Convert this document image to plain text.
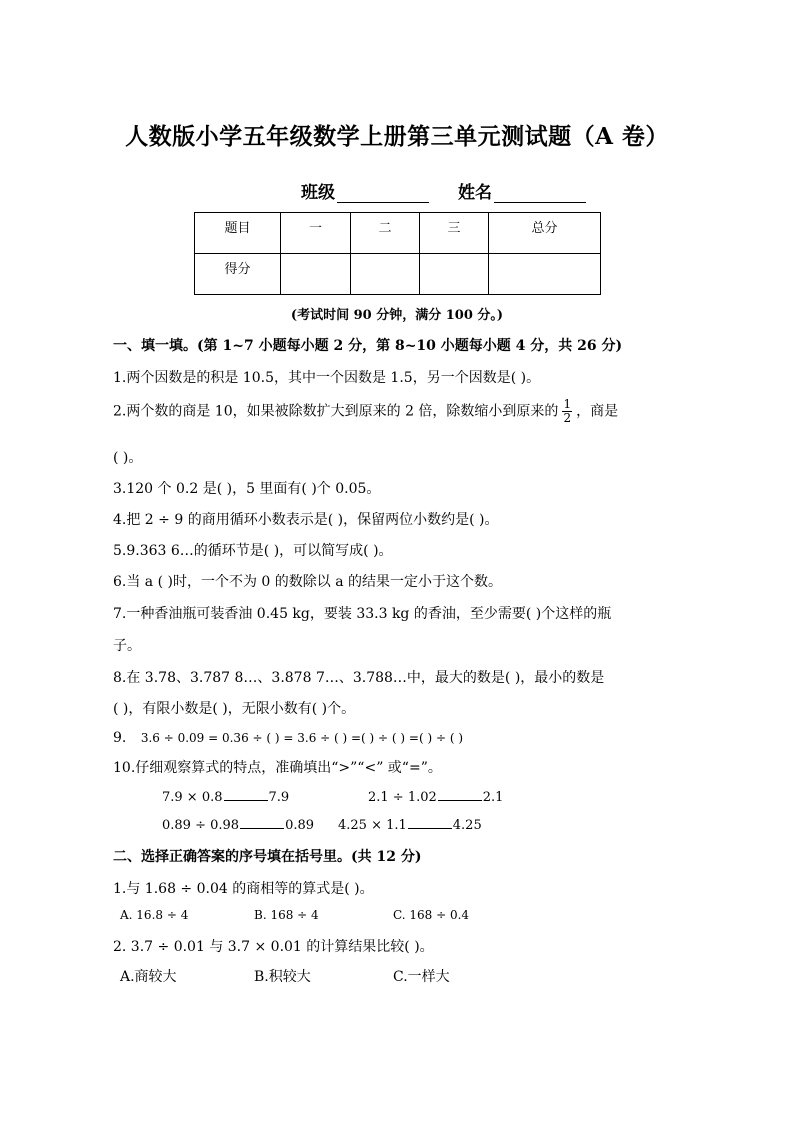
人数版小学五年级数学上册第三单元测试题（A 卷）
班级	姓名
题目	一	二	三	总分
得分				
(考试时间 90 分钟，满分 100 分。)
一、填一填。(第 1~7 小题每小题 2 分，第 8~10 小题每小题 4 分，共 26 分)
1.两个因数是的积是 10.5，其中一个因数是 1.5，另一个因数是( )。
2.两个数的商是 10，如果被除数扩大到原来的 2 倍，除数缩小到原来的 $\frac{1}{2}$ ，商是
( )。
3.120 个 0.2 是( )，5 里面有( )个 0.05。
4.把 2 ÷ 9 的商用循环小数表示是( )，保留两位小数约是( )。
5.9.363 6…的循环节是( )，可以简写成( )。
6.当 a ( )时，一个不为 0 的数除以 a 的结果一定小于这个数。
7.一种香油瓶可装香油 0.45 kg，要装 33.3 kg 的香油，至少需要( )个这样的瓶
子。
8.在 3.78、3.787 8…、3.878 7…、3.788…中，最大的数是( )，最小的数是
( )，有限小数是( )，无限小数有( )个。
9. 3.6 ÷ 0.09 = 0.36 ÷ ( ) = 3.6 ÷ ( ) =( ) ÷ ( ) =( ) ÷ ( )
10.仔细观察算式的特点，准确填出“>”“<” 或“=”。
7.9 × 0.8	7.9	2.1 ÷ 1.02	2.1
0.89 ÷ 0.98	0.89 4.25 × 1.1	4.25
二、选择正确答案的序号填在括号里。(共 12 分)
1.与 1.68 ÷ 0.04 的商相等的算式是( )。
A. 16.8 ÷ 4	B. 168 ÷ 4	C. 168 ÷ 0.4
2. 3.7 ÷ 0.01 与 3.7 × 0.01 的计算结果比较( )。
A.商较大	B.积较大	C.一样大
